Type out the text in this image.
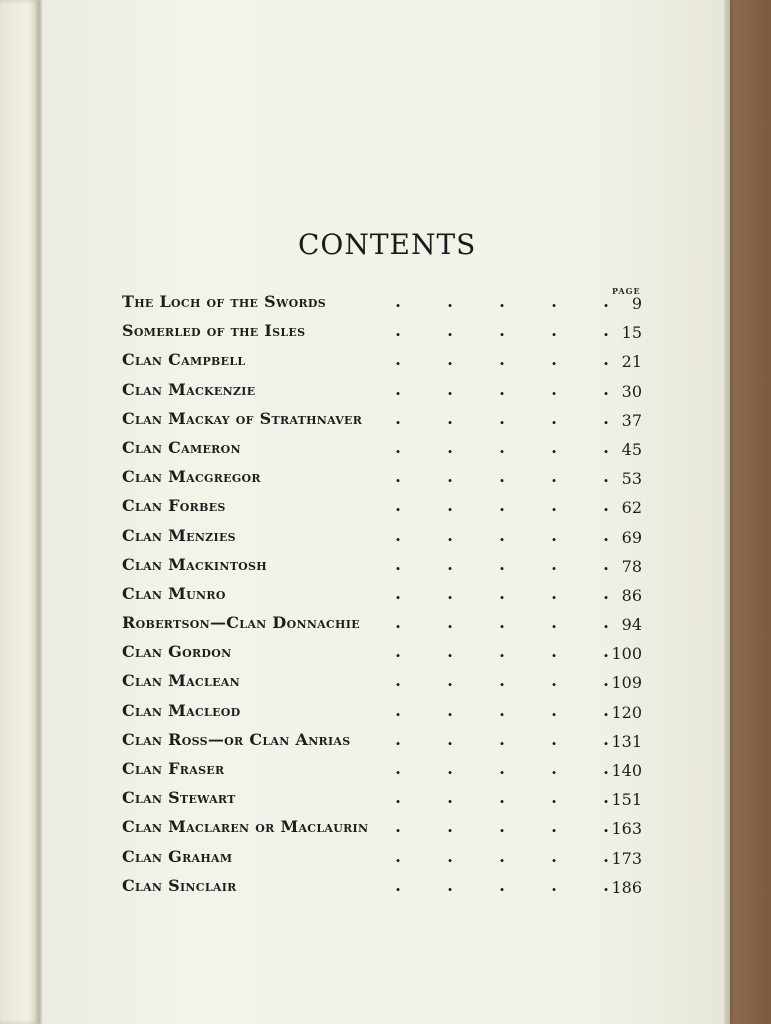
CONTENTS
PAGE
The Loch of the Swords	.	.	.	.	. 9
Somerled of the Isles	.	.	.	.	. 15
Clan Campbell	.	.	.	.	. 21
Clan Mackenzie	.	.	.	.	. 30
Clan Mackay of Strathnaver	.	.	.	.	. 37
Clan Cameron	.	.	.	.	. 45
Clan Macgregor	.	.	.	.	. 53
Clan Forbes	.	.	.	.	. 62
Clan Menzies	.	.	.	.	. 69
Clan Mackintosh	.	.	.	.	. 78
Clan Munro	.	.	.	.	. 86
Robertson—Clan Donnachie	.	.	.	.	. 94
Clan Gordon	.	.	.	.	. 100
Clan Maclean	.	.	.	.	. 109
Clan Macleod	.	.	.	.	. 120
Clan Ross—or Clan Anrias	.	.	.	.	. 131
Clan Fraser	.	.	.	.	. 140
Clan Stewart	.	.	.	.	. 151
Clan Maclaren or Maclaurin	.	.	.	.	. 163
Clan Graham	.	.	.	.	. 173
Clan Sinclair	.	.	.	.	. 186
